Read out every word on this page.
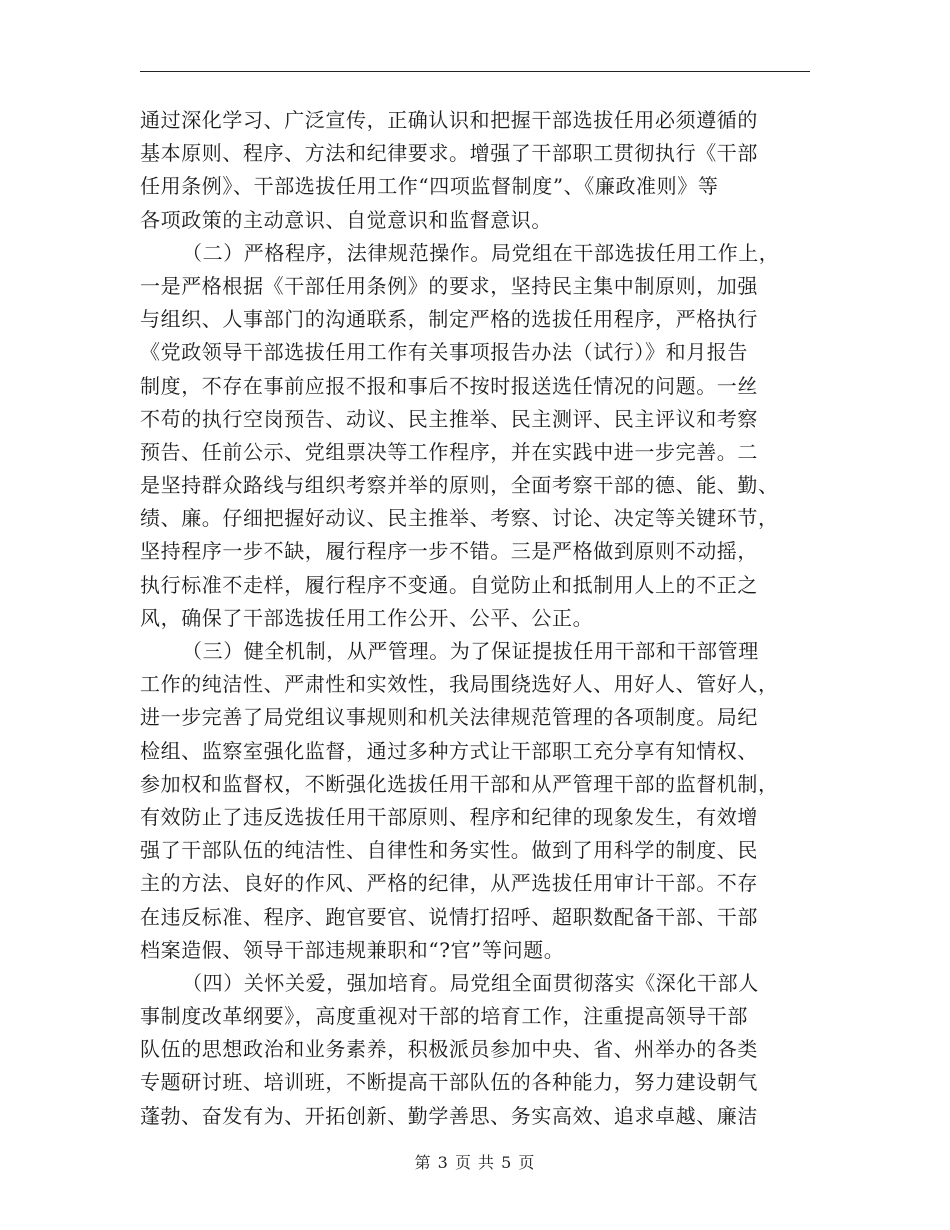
通过深化学习、广泛宣传，正确认识和把握干部选拔任用必须遵循的
基本原则、程序、方法和纪律要求。增强了干部职工贯彻执行《干部
任用条例》、干部选拔任用工作“四项监督制度”、《廉政准则》等
各项政策的主动意识、自觉意识和监督意识。
（二）严格程序，法律规范操作。局党组在干部选拔任用工作上，
一是严格根据《干部任用条例》的要求，坚持民主集中制原则，加强
与组织、人事部门的沟通联系，制定严格的选拔任用程序，严格执行
《党政领导干部选拔任用工作有关事项报告办法（试行）》和月报告
制度，不存在事前应报不报和事后不按时报送选任情况的问题。一丝
不苟的执行空岗预告、动议、民主推举、民主测评、民主评议和考察
预告、任前公示、党组票决等工作程序，并在实践中进一步完善。二
是坚持群众路线与组织考察并举的原则，全面考察干部的德、能、勤、
绩、廉。仔细把握好动议、民主推举、考察、讨论、决定等关键环节，
坚持程序一步不缺，履行程序一步不错。三是严格做到原则不动摇，
执行标准不走样，履行程序不变通。自觉防止和抵制用人上的不正之
风，确保了干部选拔任用工作公开、公平、公正。
（三）健全机制，从严管理。为了保证提拔任用干部和干部管理
工作的纯洁性、严肃性和实效性，我局围绕选好人、用好人、管好人，
进一步完善了局党组议事规则和机关法律规范管理的各项制度。局纪
检组、监察室强化监督，通过多种方式让干部职工充分享有知情权、
参加权和监督权，不断强化选拔任用干部和从严管理干部的监督机制，
有效防止了违反选拔任用干部原则、程序和纪律的现象发生，有效增
强了干部队伍的纯洁性、自律性和务实性。做到了用科学的制度、民
主的方法、良好的作风、严格的纪律，从严选拔任用审计干部。不存
在违反标准、程序、跑官要官、说情打招呼、超职数配备干部、干部
档案造假、领导干部违规兼职和“?官”等问题。
（四）关怀关爱，强加培育。局党组全面贯彻落实《深化干部人
事制度改革纲要》，高度重视对干部的培育工作，注重提高领导干部
队伍的思想政治和业务素养，积极派员参加中央、省、州举办的各类
专题研讨班、培训班，不断提高干部队伍的各种能力，努力建设朝气
蓬勃、奋发有为、开拓创新、勤学善思、务实高效、追求卓越、廉洁
第 3 页 共 5 页
